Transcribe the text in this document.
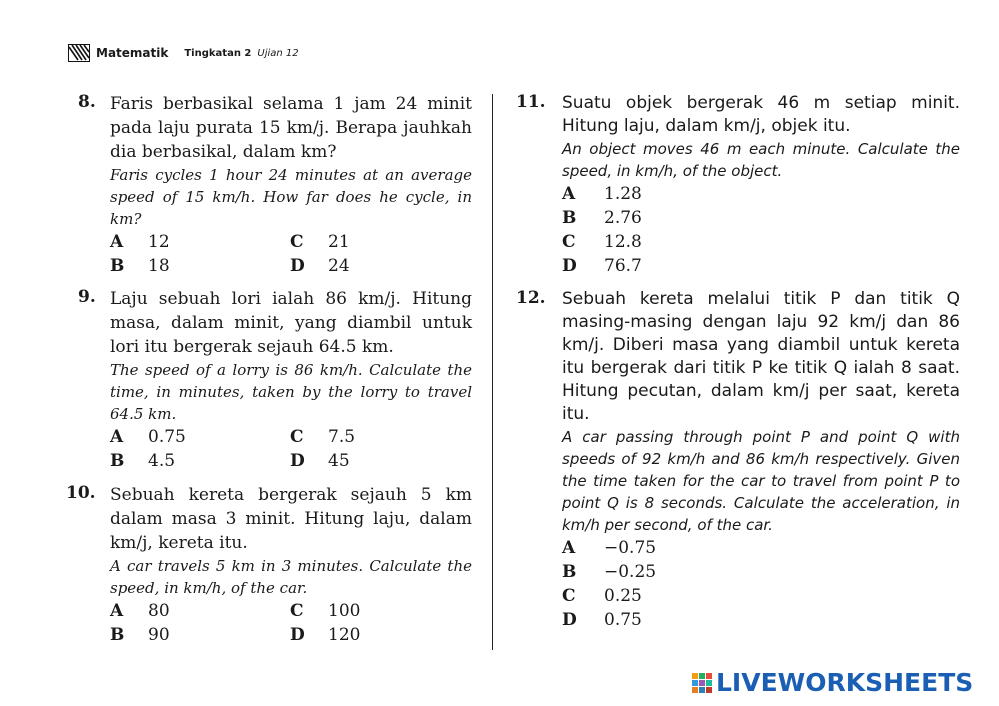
Matematik Tingkatan 2 Ujian 12
8. Faris berbasikal selama 1 jam 24 minit pada laju purata 15 km/j. Berapa jauhkah dia berbasikal, dalam km?
Faris cycles 1 hour 24 minutes at an average speed of 15 km/h. How far does he cycle, in km?
A	12
B	18
C	21
D	24
9. Laju sebuah lori ialah 86 km/j. Hitung masa, dalam minit, yang diambil untuk lori itu bergerak sejauh 64.5 km.
The speed of a lorry is 86 km/h. Calculate the time, in minutes, taken by the lorry to travel 64.5 km.
A	0.75
B	4.5
C	7.5
D	45
10. Sebuah kereta bergerak sejauh 5 km dalam masa 3 minit. Hitung laju, dalam km/j, kereta itu.
A car travels 5 km in 3 minutes. Calculate the speed, in km/h, of the car.
A	80
B	90
C	100
D	120
11. Suatu objek bergerak 46 m setiap minit. Hitung laju, dalam km/j, objek itu.
An object moves 46 m each minute. Calculate the speed, in km/h, of the object.
A	1.28
B	2.76
C	12.8
D	76.7
12. Sebuah kereta melalui titik P dan titik Q masing-masing dengan laju 92 km/j dan 86 km/j. Diberi masa yang diambil untuk kereta itu bergerak dari titik P ke titik Q ialah 8 saat. Hitung pecutan, dalam km/j per saat, kereta itu.
A car passing through point P and point Q with speeds of 92 km/h and 86 km/h respectively. Given the time taken for the car to travel from point P to point Q is 8 seconds. Calculate the acceleration, in km/h per second, of the car.
A	−0.75
B	−0.25
C	0.25
D	0.75
LIVEWORKSHEETS
